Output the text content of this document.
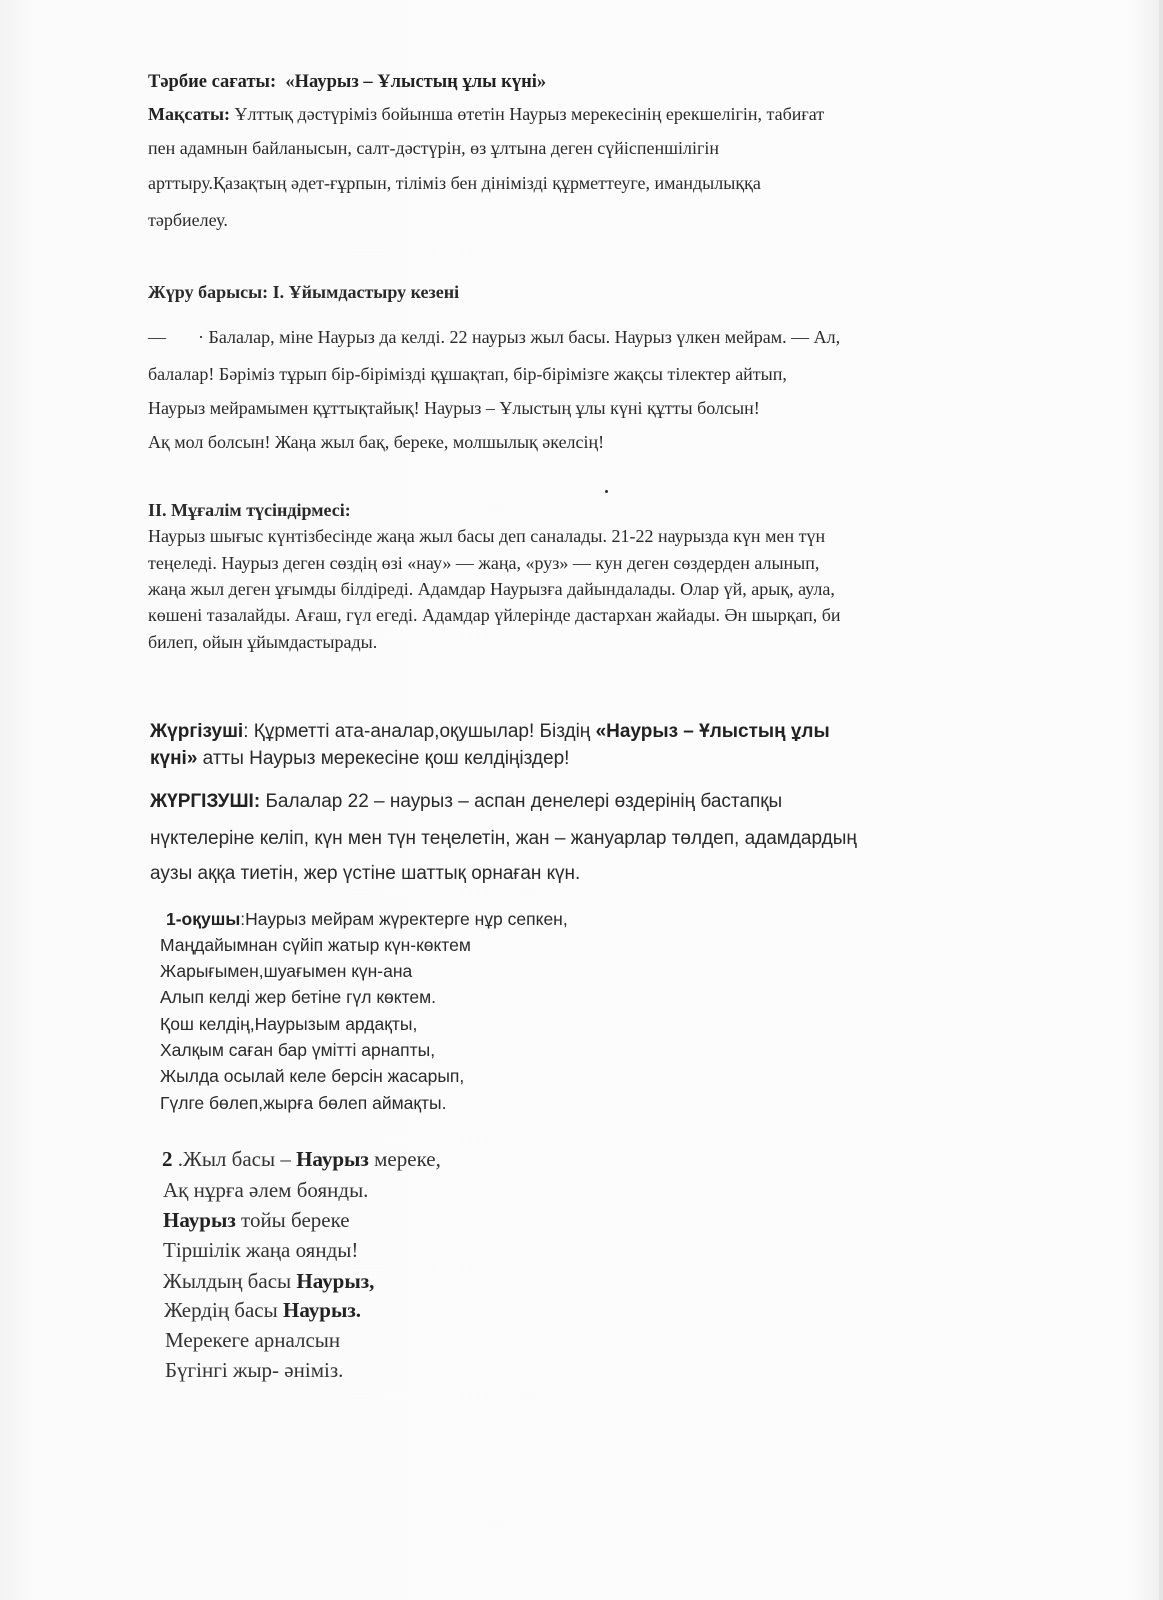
Тәрбие сағаты: «Наурыз – Ұлыстың ұлы күні»
Мақсаты: Ұлттық дәстүріміз бойынша өтетін Наурыз мерекесінің ерекшелігін, табиғат
пен адамнын байланысын, салт-дәстүрін, өз ұлтына деген сүйіспеншілігін
арттыру.Қазақтың әдет-ғұрпын, тіліміз бен дінімізді құрметтеуге, имандылыққа
тәрбиелеу.
Жүру барысы: І. Ұйымдастыру кезені
— · Балалар, міне Наурыз да келді. 22 наурыз жыл басы. Наурыз үлкен мейрам. — Ал,
балалар! Бәріміз тұрып бір-бірімізді құшақтап, бір-бірімізге жақсы тілектер айтып,
Наурыз мейрамымен құттықтайық! Наурыз – Ұлыстың ұлы күні құтты болсын!
Ақ мол болсын! Жаңа жыл бақ, береке, молшылық әкелсің!
ІІ. Мұғалім түсіндірмесі:
Наурыз шығыс күнтізбесінде жаңа жыл басы деп саналады. 21-22 наурызда күн мен түн
теңеледі. Наурыз деген сөздің өзі «нау» — жаңа, «руз» — кун деген сөздерден алынып,
жаңа жыл деген ұғымды білдіреді. Адамдар Наурызға дайындалады. Олар үй, арық, аула,
көшені тазалайды. Ағаш, гүл егеді. Адамдар үйлерінде дастархан жайады. Ән шырқап, би
билеп, ойын ұйымдастырады.
Жүргізуші: Құрметті ата-аналар,оқушылар! Біздің «Наурыз – Ұлыстың ұлы
күні» атты Наурыз мерекесіне қош келдіңіздер!
ЖҮРГІЗУШІ: Балалар 22 – наурыз – аспан денелері өздерінің бастапқы
нүктелеріне келіп, күн мен түн теңелетін, жан – жануарлар төлдеп, адамдардың
аузы аққа тиетін, жер үстіне шаттық орнаған күн.
1-оқушы:Наурыз мейрам жүректерге нұр сепкен,
Маңдайымнан сүйіп жатыр күн-көктем
Жарығымен,шуағымен күн-ана
Алып келді жер бетіне гүл көктем.
Қош келдің,Наурызым ардақты,
Халқым саған бар үмітті арнапты,
Жылда осылай келе берсін жасарып,
Гүлге бөлеп,жырға бөлеп аймақты.
2 .Жыл басы – Наурыз мереке,
Ақ нұрға әлем боянды.
Наурыз тойы береке
Тіршілік жаңа оянды!
Жылдың басы Наурыз,
Жердің басы Наурыз.
Мерекеге арналсын
Бүгінгі жыр- әніміз.
